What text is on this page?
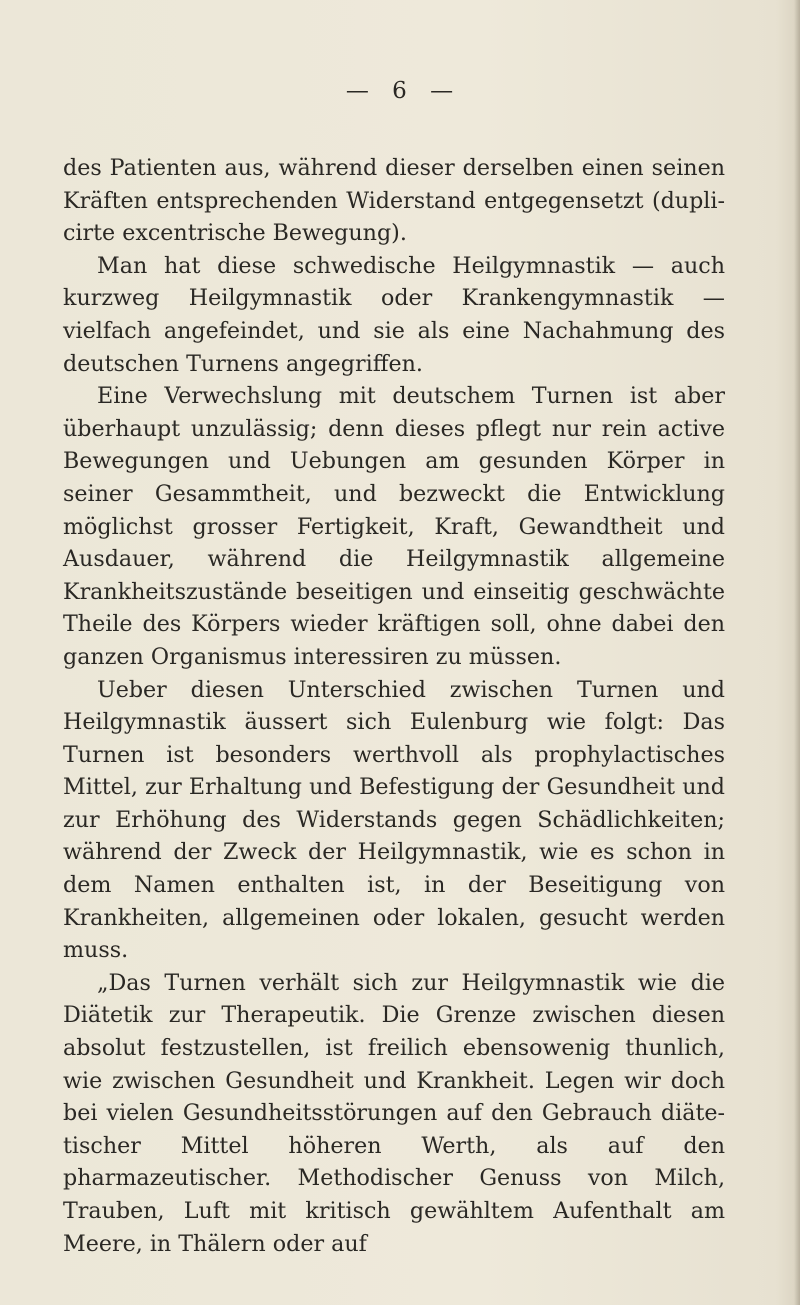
— 6 —

des Patienten aus, während dieser derselben einen seinen Kräften entsprechenden Widerstand entgegensetzt (duplicirte excentrische Bewegung).

Man hat diese schwedische Heilgymnastik — auch kurzweg Heilgymnastik oder Krankengymnastik — vielfach angefeindet, und sie als eine Nachahmung des deutschen Turnens angegriffen.

Eine Verwechslung mit deutschem Turnen ist aber überhaupt unzulässig; denn dieses pflegt nur rein active Bewegungen und Uebungen am gesunden Körper in seiner Gesammtheit, und bezweckt die Entwicklung möglichst grosser Fertigkeit, Kraft, Gewandtheit und Ausdauer, während die Heilgymnastik allgemeine Krankheitszustände beseitigen und einseitig geschwächte Theile des Körpers wieder kräftigen soll, ohne dabei den ganzen Organismus interessiren zu müssen.

Ueber diesen Unterschied zwischen Turnen und Heilgymnastik äussert sich Eulenburg wie folgt: Das Turnen ist besonders werthvoll als prophylactisches Mittel, zur Erhaltung und Befestigung der Gesundheit und zur Erhöhung des Widerstands gegen Schädlichkeiten; während der Zweck der Heilgymnastik, wie es schon in dem Namen enthalten ist, in der Beseitigung von Krankheiten, allgemeinen oder lokalen, gesucht werden muss.

„Das Turnen verhält sich zur Heilgymnastik wie die Diätetik zur Therapeutik. Die Grenze zwischen diesen absolut festzustellen, ist freilich ebensowenig thunlich, wie zwischen Gesundheit und Krankheit. Legen wir doch bei vielen Gesundheitsstörungen auf den Gebrauch diätetischer Mittel höheren Werth, als auf den pharmazeutischer. Methodischer Genuss von Milch, Trauben, Luft mit kritisch gewähltem Aufenthalt am Meere, in Thälern oder auf
